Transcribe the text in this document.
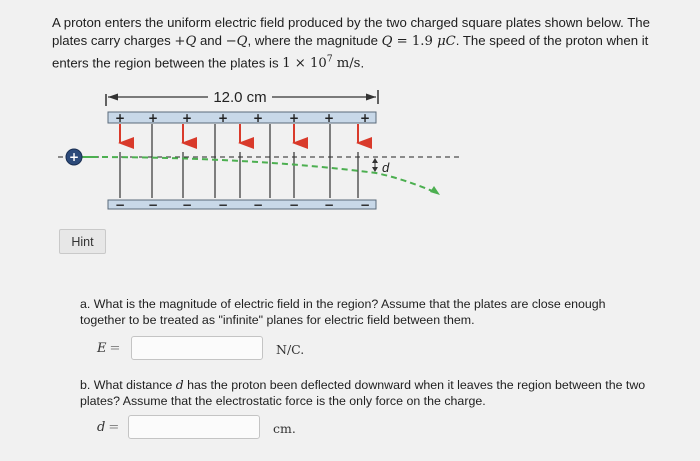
A proton enters the uniform electric field produced by the two charged square plates shown below. The plates carry charges +Q and −Q, where the magnitude Q = 1.9 μC. The speed of the proton when it enters the region between the plates is $1 \times 10^7$ m/s.
12.0 cm
+ + + + + + + +
− − − − − − − −
+
d
Hint
a. What is the magnitude of electric field in the region? Assume that the plates are close enough together to be treated as "infinite" planes for electric field between them.
E =	N/C.
b. What distance d has the proton been deflected downward when it leaves the region between the two plates? Assume that the electrostatic force is the only force on the charge.
d =	cm.
